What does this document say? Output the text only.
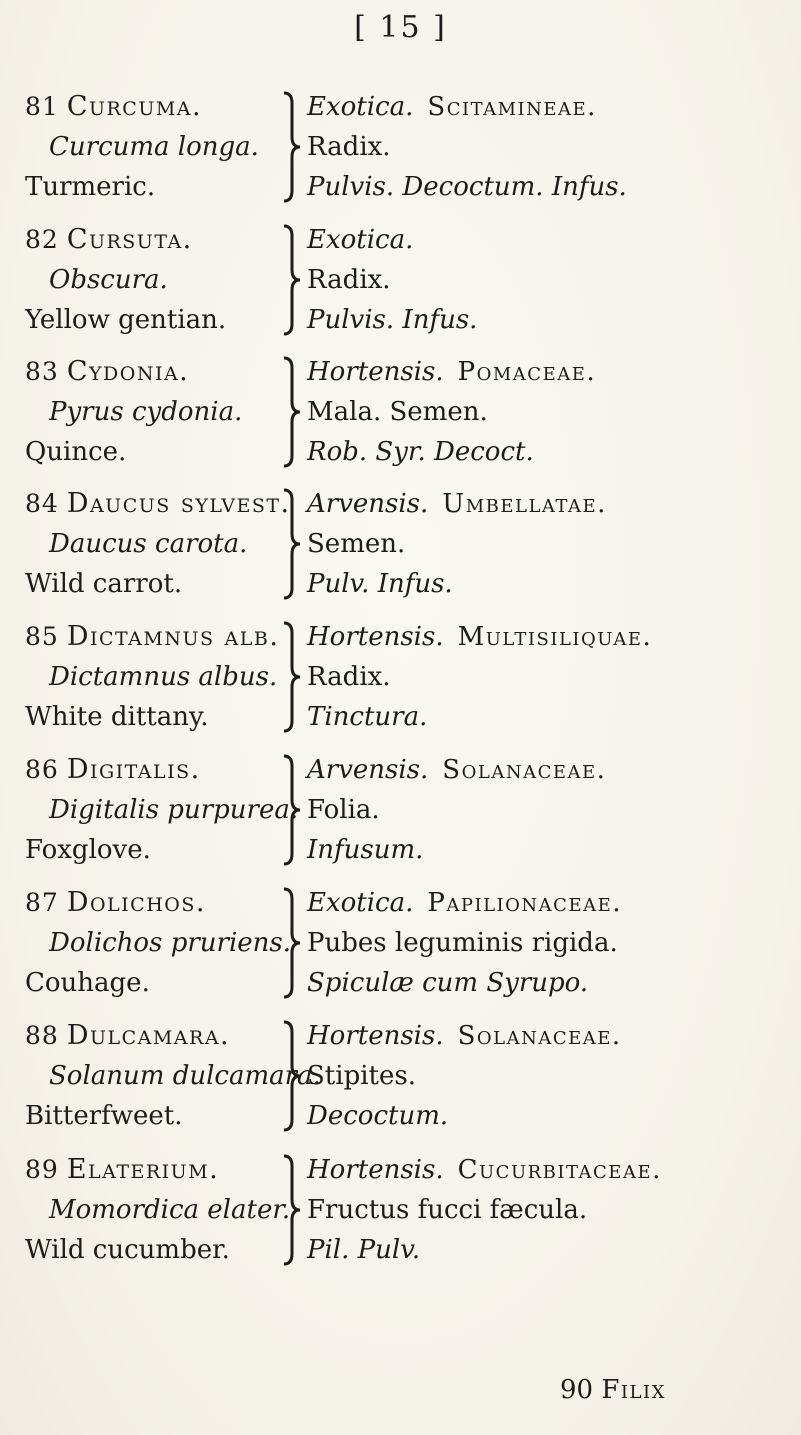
[ 15 ]
81 Curcuma.
Curcuma longa.
Turmeric.
Exotica. Scitamineae.
Radix.
Pulvis. Decoctum. Infus.
82 Cursuta.
Obscura.
Yellow gentian.
Exotica.
Radix.
Pulvis. Infus.
83 Cydonia.
Pyrus cydonia.
Quince.
Hortensis. Pomaceae.
Mala. Semen.
Rob. Syr. Decoct.
84 Daucus sylvest.
Daucus carota.
Wild carrot.
Arvensis. Umbellatae.
Semen.
Pulv. Infus.
85 Dictamnus alb.
Dictamnus albus.
White dittany.
Hortensis. Multisiliquae.
Radix.
Tinctura.
86 Digitalis.
Digitalis purpurea.
Foxglove.
Arvensis. Solanaceae.
Folia.
Infusum.
87 Dolichos.
Dolichos pruriens.
Couhage.
Exotica. Papilionaceae.
Pubes leguminis rigida.
Spiculæ cum Syrupo.
88 Dulcamara.
Solanum dulcamara.
Bitterfweet.
Hortensis. Solanaceae.
Stipites.
Decoctum.
89 Elaterium.
Momordica elater.
Wild cucumber.
Hortensis. Cucurbitaceae.
Fructus fucci fæcula.
Pil. Pulv.
90 Filix
